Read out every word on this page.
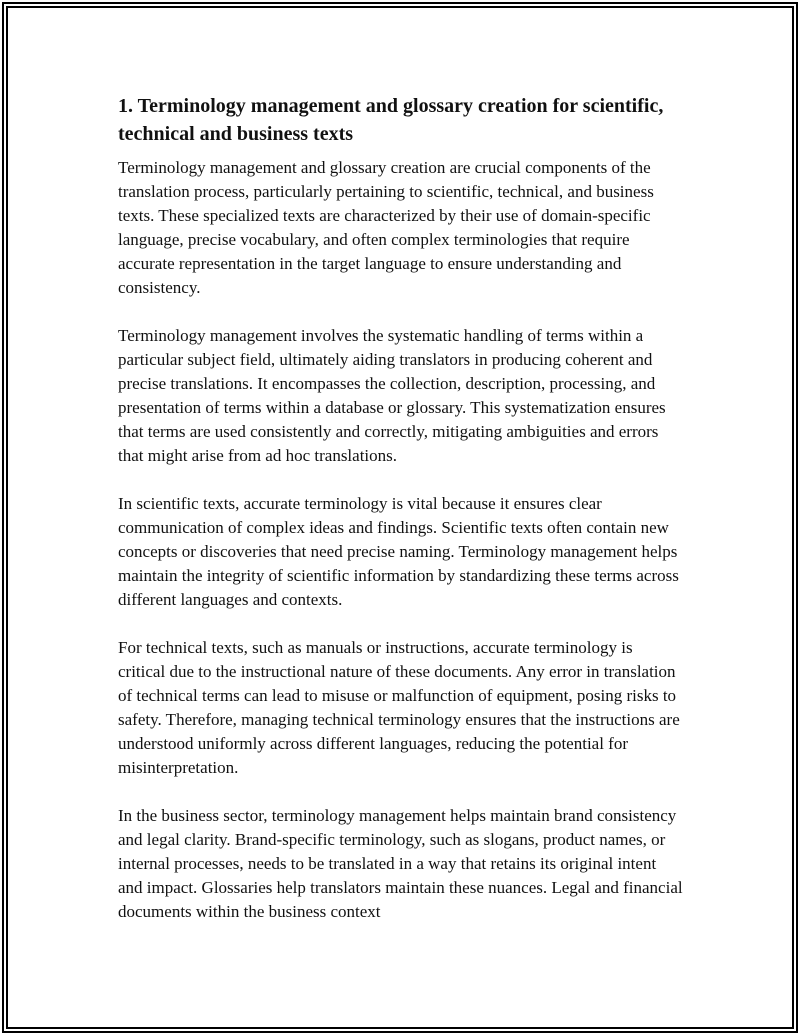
1. Terminology management and glossary creation for scientific, technical and business texts

Terminology management and glossary creation are crucial components of the translation process, particularly pertaining to scientific, technical, and business texts. These specialized texts are characterized by their use of domain-specific language, precise vocabulary, and often complex terminologies that require accurate representation in the target language to ensure understanding and consistency.

Terminology management involves the systematic handling of terms within a particular subject field, ultimately aiding translators in producing coherent and precise translations. It encompasses the collection, description, processing, and presentation of terms within a database or glossary. This systematization ensures that terms are used consistently and correctly, mitigating ambiguities and errors that might arise from ad hoc translations.

In scientific texts, accurate terminology is vital because it ensures clear communication of complex ideas and findings. Scientific texts often contain new concepts or discoveries that need precise naming. Terminology management helps maintain the integrity of scientific information by standardizing these terms across different languages and contexts.

For technical texts, such as manuals or instructions, accurate terminology is critical due to the instructional nature of these documents. Any error in translation of technical terms can lead to misuse or malfunction of equipment, posing risks to safety. Therefore, managing technical terminology ensures that the instructions are understood uniformly across different languages, reducing the potential for misinterpretation.

In the business sector, terminology management helps maintain brand consistency and legal clarity. Brand-specific terminology, such as slogans, product names, or internal processes, needs to be translated in a way that retains its original intent and impact. Glossaries help translators maintain these nuances. Legal and financial documents within the business context
